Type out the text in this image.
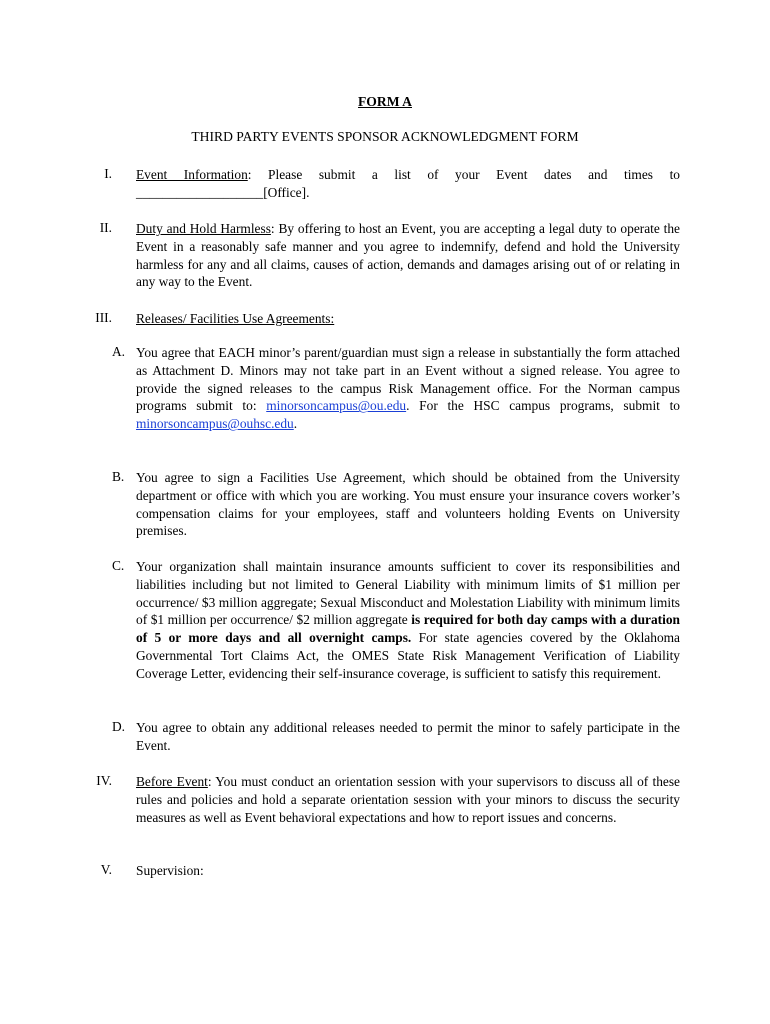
FORM A
THIRD PARTY EVENTS SPONSOR ACKNOWLEDGMENT FORM
I. Event Information: Please submit a list of your Event dates and times to ___________________[Office].
II. Duty and Hold Harmless: By offering to host an Event, you are accepting a legal duty to operate the Event in a reasonably safe manner and you agree to indemnify, defend and hold the University harmless for any and all claims, causes of action, demands and damages arising out of or relating in any way to the Event.
III. Releases/ Facilities Use Agreements:
A. You agree that EACH minor’s parent/guardian must sign a release in substantially the form attached as Attachment D. Minors may not take part in an Event without a signed release. You agree to provide the signed releases to the campus Risk Management office. For the Norman campus programs submit to: minorsoncampus@ou.edu. For the HSC campus programs, submit to minorsoncampus@ouhsc.edu.
B. You agree to sign a Facilities Use Agreement, which should be obtained from the University department or office with which you are working. You must ensure your insurance covers worker’s compensation claims for your employees, staff and volunteers holding Events on University premises.
C. Your organization shall maintain insurance amounts sufficient to cover its responsibilities and liabilities including but not limited to General Liability with minimum limits of $1 million per occurrence/ $3 million aggregate; Sexual Misconduct and Molestation Liability with minimum limits of $1 million per occurrence/ $2 million aggregate is required for both day camps with a duration of 5 or more days and all overnight camps. For state agencies covered by the Oklahoma Governmental Tort Claims Act, the OMES State Risk Management Verification of Liability Coverage Letter, evidencing their self-insurance coverage, is sufficient to satisfy this requirement.
D. You agree to obtain any additional releases needed to permit the minor to safely participate in the Event.
IV. Before Event: You must conduct an orientation session with your supervisors to discuss all of these rules and policies and hold a separate orientation session with your minors to discuss the security measures as well as Event behavioral expectations and how to report issues and concerns.
V. Supervision:
